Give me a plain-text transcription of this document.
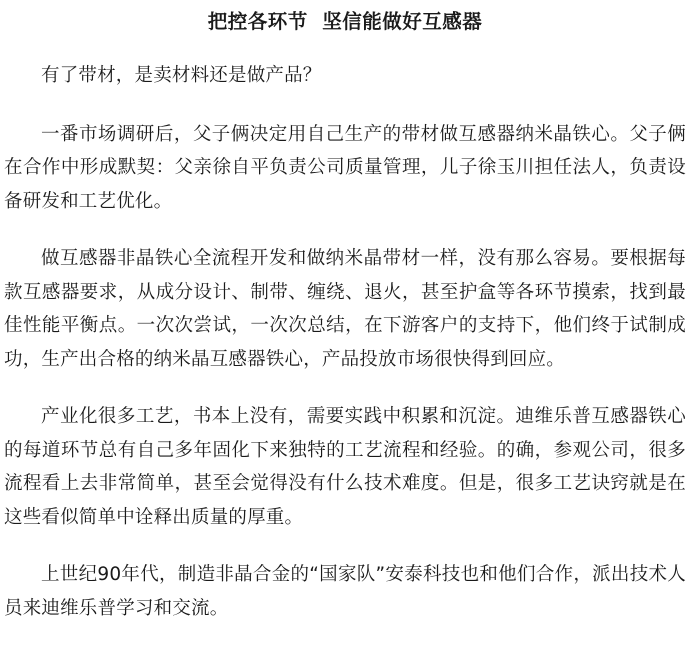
把控各环节  坚信能做好互感器

有了带材，是卖材料还是做产品？

一番市场调研后，父子俩决定用自己生产的带材做互感器纳米晶铁心。父子俩在合作中形成默契：父亲徐自平负责公司质量管理，儿子徐玉川担任法人，负责设备研发和工艺优化。

做互感器非晶铁心全流程开发和做纳米晶带材一样，没有那么容易。要根据每款互感器要求，从成分设计、制带、缠绕、退火，甚至护盒等各环节摸索，找到最佳性能平衡点。一次次尝试，一次次总结，在下游客户的支持下，他们终于试制成功，生产出合格的纳米晶互感器铁心，产品投放市场很快得到回应。

产业化很多工艺，书本上没有，需要实践中积累和沉淀。迪维乐普互感器铁心的每道环节总有自己多年固化下来独特的工艺流程和经验。的确，参观公司，很多流程看上去非常简单，甚至会觉得没有什么技术难度。但是，很多工艺诀窍就是在这些看似简单中诠释出质量的厚重。

上世纪90年代，制造非晶合金的“国家队”安泰科技也和他们合作，派出技术人员来迪维乐普学习和交流。
